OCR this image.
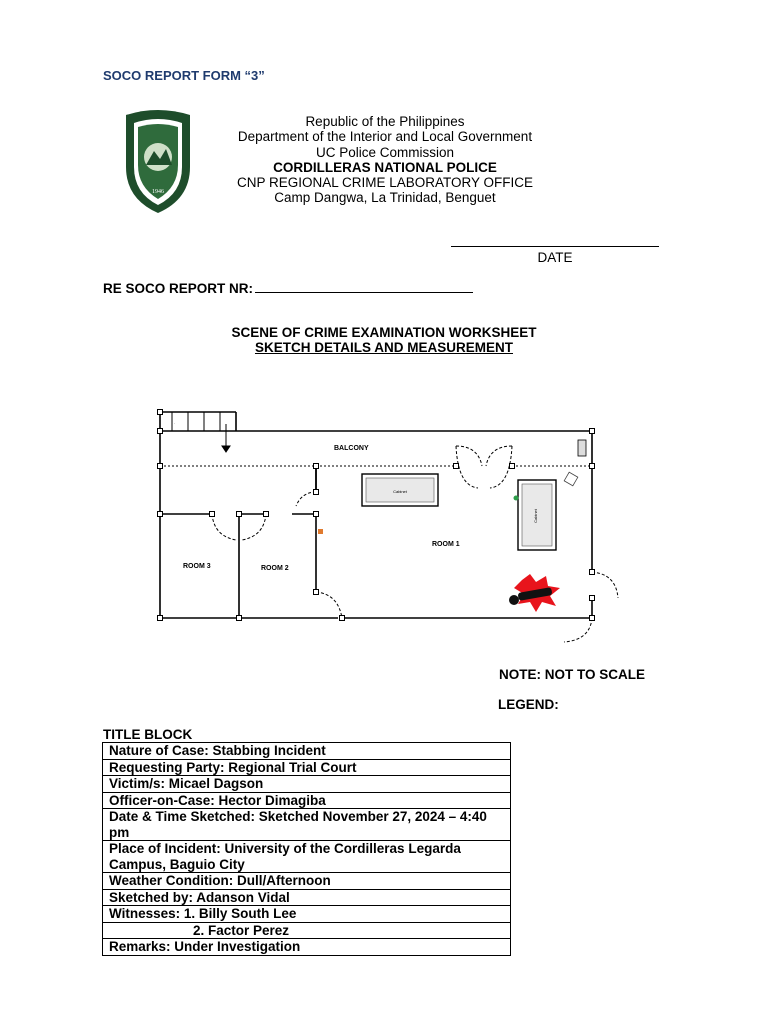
SOCO REPORT FORM “3”
1946
Republic of the Philippines
Department of the Interior and Local Government
UC Police Commission
CORDILLERAS NATIONAL POLICE
CNP REGIONAL CRIME LABORATORY OFFICE
Camp Dangwa, La Trinidad, Benguet
DATE
RE SOCO REPORT NR:
SCENE OF CRIME EXAMINATION WORKSHEET
SKETCH DETAILS AND MEASUREMENT
BALCONY
ROOM 1
ROOM 2
ROOM 3
Cabinet
Cabinet
.
NOTE: NOT TO SCALE
LEGEND:
TITLE BLOCK
Nature of Case: Stabbing Incident
Requesting Party: Regional Trial Court
Victim/s: Micael Dagson
Officer-on-Case: Hector Dimagiba
Date & Time Sketched: Sketched November 27, 2024 – 4:40 pm
Place of Incident: University of the Cordilleras Legarda Campus, Baguio City
Weather Condition: Dull/Afternoon
Sketched by: Adanson Vidal
Witnesses: 1. Billy South Lee
2. Factor Perez
Remarks: Under Investigation
